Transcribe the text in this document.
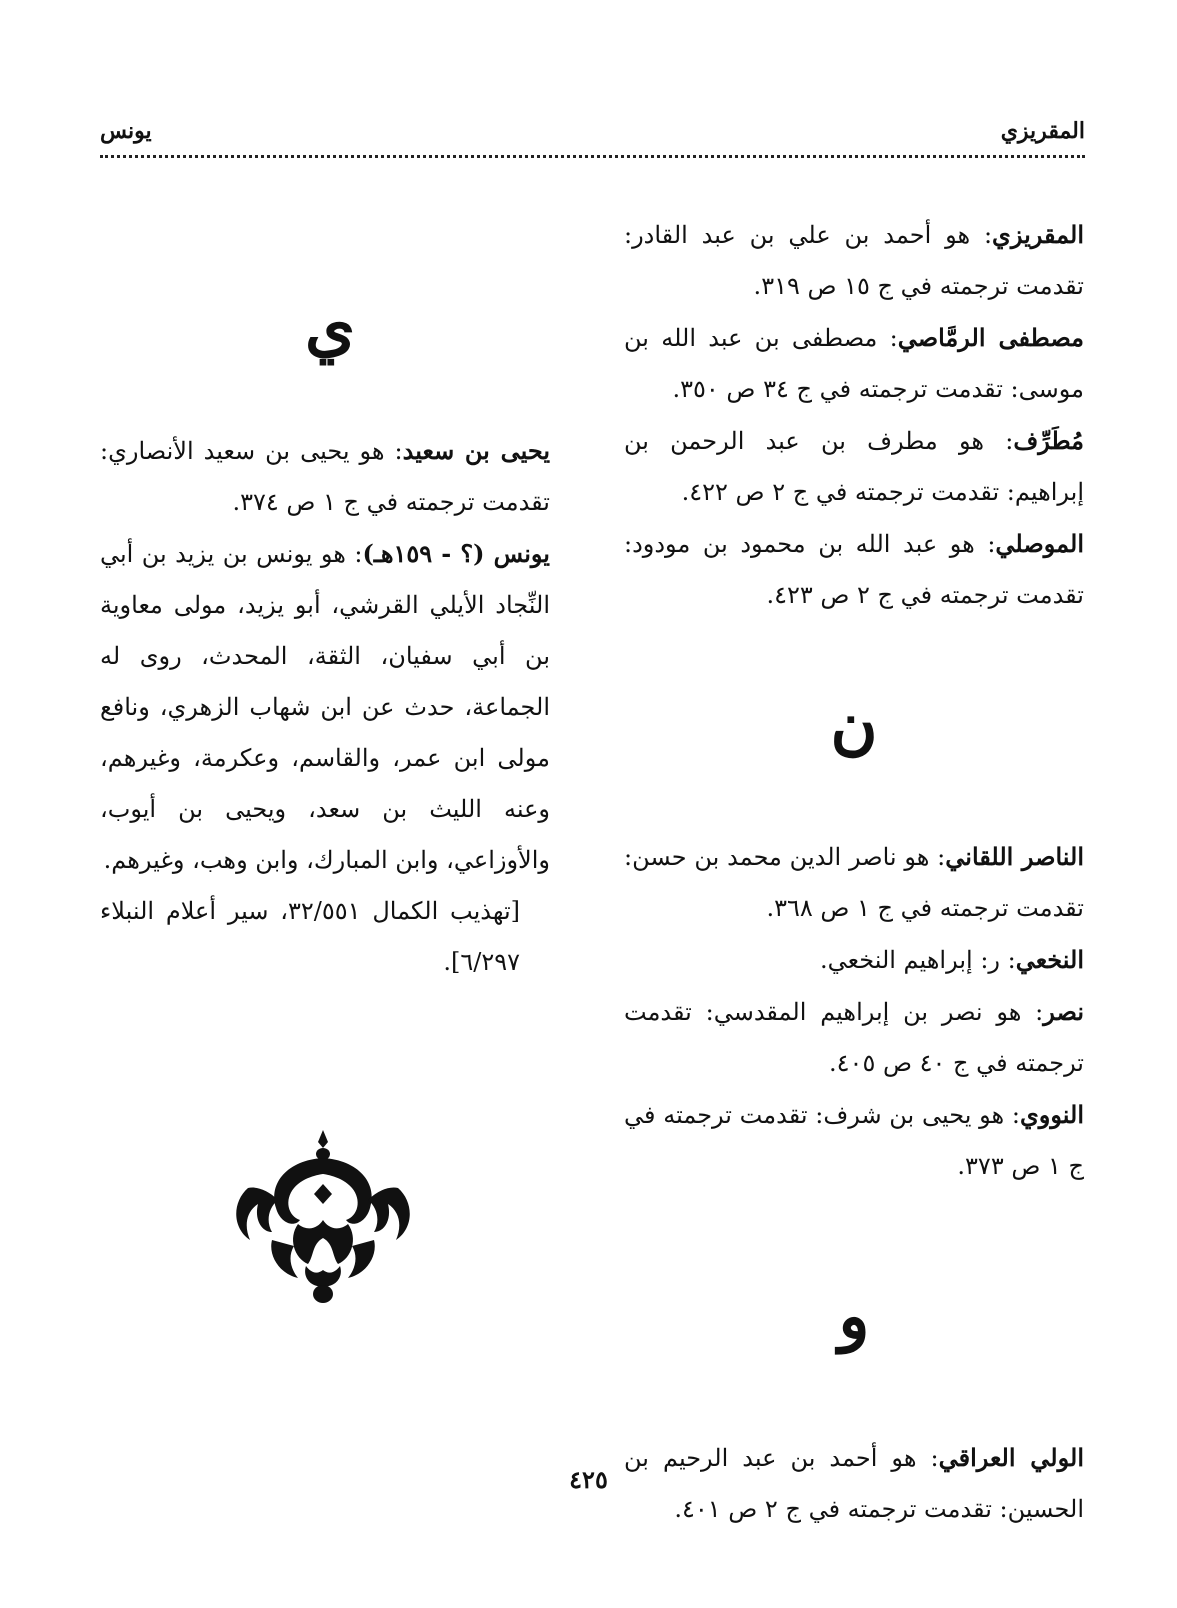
المقريزي
يونس

المقريزي: هو أحمد بن علي بن عبد القادر: تقدمت ترجمته في ج ١٥ ص ٣١٩.

مصطفى الرمَّاصي: مصطفى بن عبد الله بن موسى: تقدمت ترجمته في ج ٣٤ ص ٣٥٠.

مُطَرِّف: هو مطرف بن عبد الرحمن بن إبراهيم: تقدمت ترجمته في ج ٢ ص ٤٢٢.

الموصلي: هو عبد الله بن محمود بن مودود: تقدمت ترجمته في ج ٢ ص ٤٢٣.

ن

الناصر اللقاني: هو ناصر الدين محمد بن حسن: تقدمت ترجمته في ج ١ ص ٣٦٨.

النخعي: ر: إبراهيم النخعي.

نصر: هو نصر بن إبراهيم المقدسي: تقدمت ترجمته في ج ٤٠ ص ٤٠٥.

النووي: هو يحيى بن شرف: تقدمت ترجمته في ج ١ ص ٣٧٣.

و

الولي العراقي: هو أحمد بن عبد الرحيم بن الحسين: تقدمت ترجمته في ج ٢ ص ٤٠١.

ي

يحيى بن سعيد: هو يحيى بن سعيد الأنصاري: تقدمت ترجمته في ج ١ ص ٣٧٤.

يونس (؟ - ١٥٩هـ): هو يونس بن يزيد بن أبي النِّجاد الأيلي القرشي، أبو يزيد، مولى معاوية بن أبي سفيان، الثقة، المحدث، روى له الجماعة، حدث عن ابن شهاب الزهري، ونافع مولى ابن عمر، والقاسم، وعكرمة، وغيرهم، وعنه الليث بن سعد، ويحيى بن أيوب، والأوزاعي، وابن المبارك، وابن وهب، وغيرهم.

[تهذيب الكمال ٣٢/٥٥١، سير أعلام النبلاء ٦/٢٩٧].

٤٢٥
